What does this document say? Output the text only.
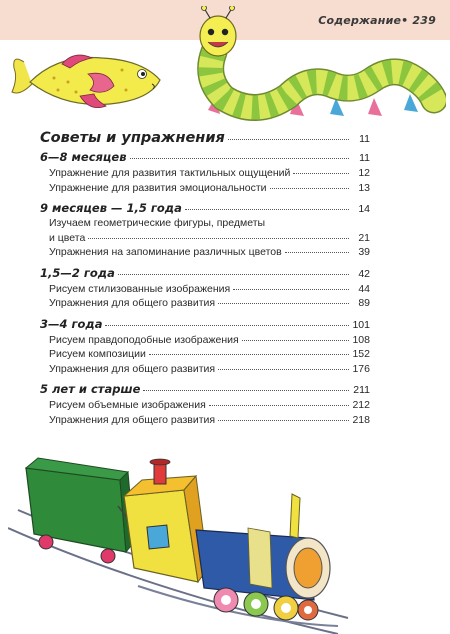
Содержание• 239
Советы и упражнения	11
6—8 месяцев	11
Упражнение для развития тактильных ощущений	12
Упражнение для развития эмоциональности	13
9 месяцев — 1,5 года	14
Изучаем геометрические фигуры, предметы
и цвета	21
Упражнения на запоминание различных цветов	39
1,5—2 года	42
Рисуем стилизованные изображения	44
Упражнения для общего развития	89
3—4 года	101
Рисуем правдоподобные изображения	108
Рисуем композиции	152
Упражнения для общего развития	176
5 лет и старше	211
Рисуем объемные изображения	212
Упражнения для общего развития	218
